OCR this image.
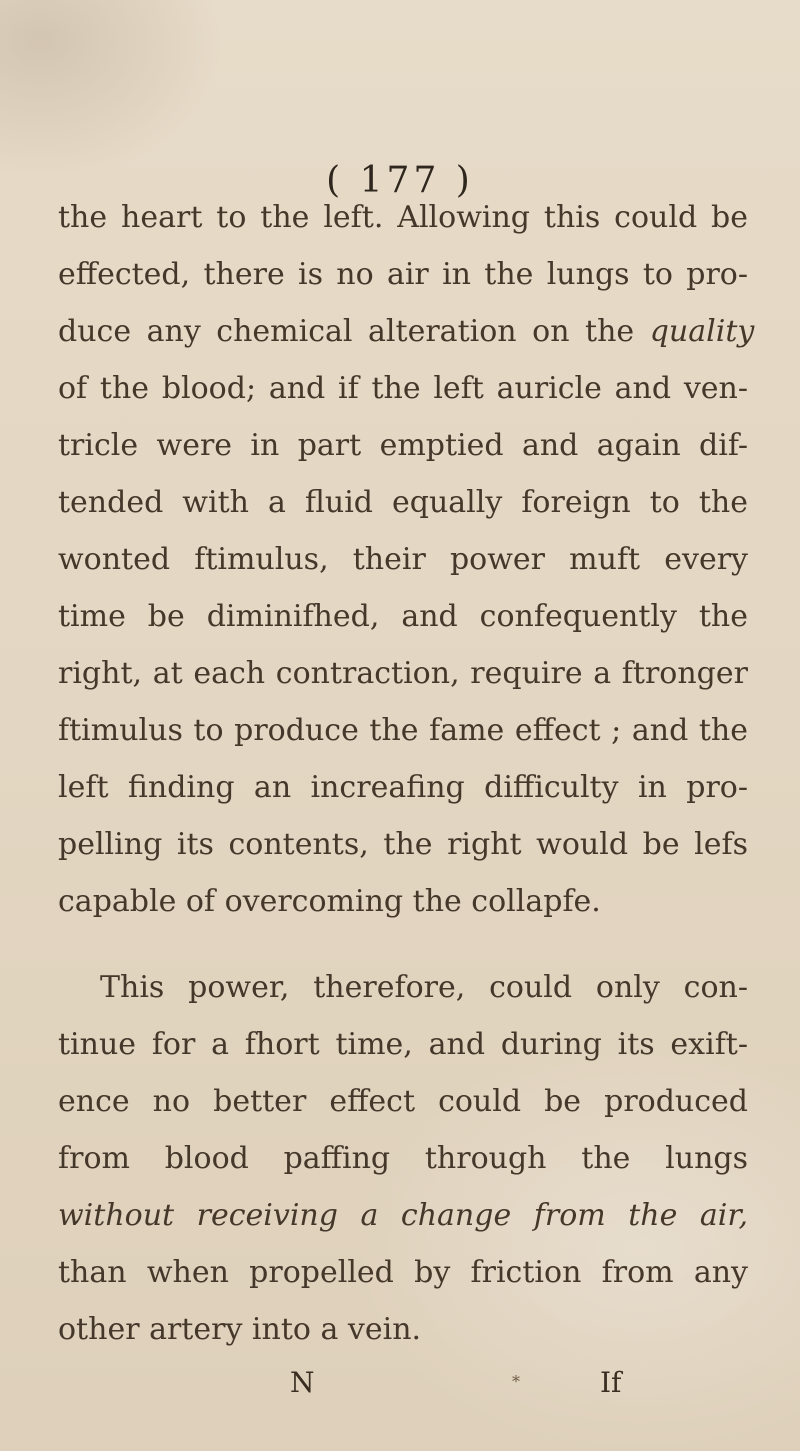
( 177 )
the heart to the left. Allowing this could be
effected, there is no air in the lungs to pro-
duce any chemical alteration on the quality
of the blood; and if the left auricle and ven-
tricle were in part emptied and again dif-
tended with a fluid equally foreign to the
wonted ftimulus, their power muft every
time be diminifhed, and confequently the
right, at each contraction, require a ftronger
ftimulus to produce the fame effect ; and the
left finding an increafing difficulty in pro-
pelling its contents, the right would be lefs
capable of overcoming the collapfe.
This power, therefore, could only con-
tinue for a fhort time, and during its exift-
ence no better effect could be produced
from blood paffing through the lungs
without receiving a change from the air,
than when propelled by friction from any
other artery into a vein.
N	*	If
